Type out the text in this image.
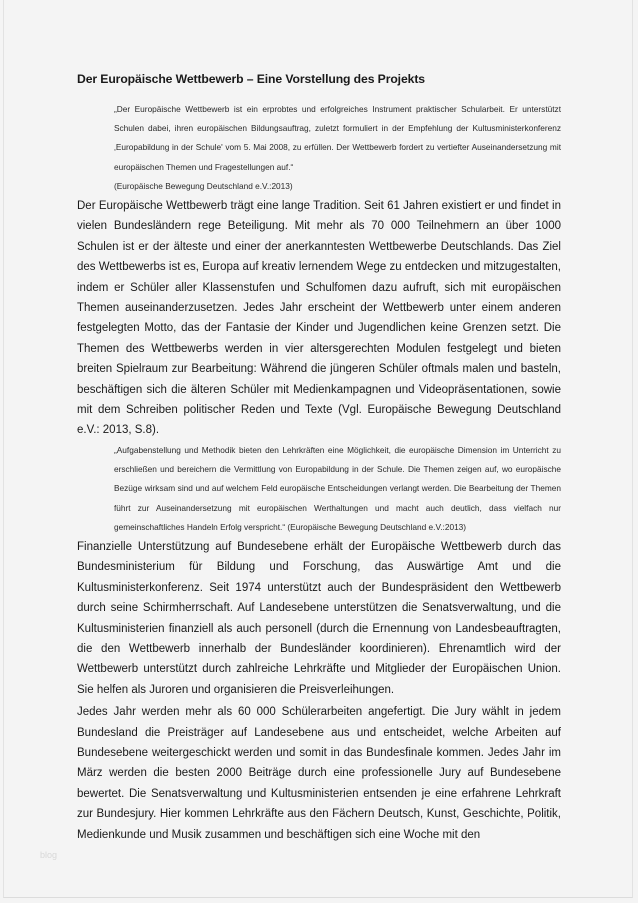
Der Europäische Wettbewerb – Eine Vorstellung des Projekts

„Der Europäische Wettbewerb ist ein erprobtes und erfolgreiches Instrument praktischer Schularbeit. Er unterstützt Schulen dabei, ihren europäischen Bildungsauftrag, zuletzt formuliert in der Empfehlung der Kultusministerkonferenz ‚Europabildung in der Schule' vom 5. Mai 2008, zu erfüllen. Der Wettbewerb fordert zu vertiefter Auseinandersetzung mit europäischen Themen und Fragestellungen auf.“

(Europäische Bewegung Deutschland e.V.:2013)

Der Europäische Wettbewerb trägt eine lange Tradition. Seit 61 Jahren existiert er und findet in vielen Bundesländern rege Beteiligung. Mit mehr als 70 000 Teilnehmern an über 1000 Schulen ist er der älteste und einer der anerkanntesten Wettbewerbe Deutschlands. Das Ziel des Wettbewerbs ist es, Europa auf kreativ lernendem Wege zu entdecken und mitzugestalten, indem er Schüler aller Klassenstufen und Schulfomen dazu aufruft, sich mit europäischen Themen auseinanderzusetzen. Jedes Jahr erscheint der Wettbewerb unter einem anderen festgelegten Motto, das der Fantasie der Kinder und Jugendlichen keine Grenzen setzt. Die Themen des Wettbewerbs werden in vier altersgerechten Modulen festgelegt und bieten breiten Spielraum zur Bearbeitung: Während die jüngeren Schüler oftmals malen und basteln, beschäftigen sich die älteren Schüler mit Medienkampagnen und Videopräsentationen, sowie mit dem Schreiben politischer Reden und Texte (Vgl. Europäische Bewegung Deutschland e.V.: 2013, S.8).

„Aufgabenstellung und Methodik bieten den Lehrkräften eine Möglichkeit, die europäische Dimension im Unterricht zu erschließen und bereichern die Vermittlung von Europabildung in der Schule. Die Themen zeigen auf, wo europäische Bezüge wirksam sind und auf welchem Feld europäische Entscheidungen verlangt werden. Die Bearbeitung der Themen führt zur Auseinandersetzung mit europäischen Werthaltungen und macht auch deutlich, dass vielfach nur gemeinschaftliches Handeln Erfolg verspricht.“ (Europäische Bewegung Deutschland e.V.:2013)

Finanzielle Unterstützung auf Bundesebene erhält der Europäische Wettbewerb durch das Bundesministerium für Bildung und Forschung, das Auswärtige Amt und die Kultusministerkonferenz. Seit 1974 unterstützt auch der Bundespräsident den Wettbewerb durch seine Schirmherrschaft. Auf Landesebene unterstützen die Senatsverwaltung, und die Kultusministerien finanziell als auch personell (durch die Ernennung von Landesbeauftragten, die den Wettbewerb innerhalb der Bundesländer koordinieren). Ehrenamtlich wird der Wettbewerb unterstützt durch zahlreiche Lehrkräfte und Mitglieder der Europäischen Union. Sie helfen als Juroren und organisieren die Preisverleihungen.

Jedes Jahr werden mehr als 60 000 Schülerarbeiten angefertigt. Die Jury wählt in jedem Bundesland die Preisträger auf Landesebene aus und entscheidet, welche Arbeiten auf Bundesebene weitergeschickt werden und somit in das Bundesfinale kommen. Jedes Jahr im März werden die besten 2000 Beiträge durch eine professionelle Jury auf Bundesebene bewertet. Die Senatsverwaltung und Kultusministerien entsenden je eine erfahrene Lehrkraft zur Bundesjury. Hier kommen Lehrkräfte aus den Fächern Deutsch, Kunst, Geschichte, Politik, Medienkunde und Musik zusammen und beschäftigen sich eine Woche mit den

blog
